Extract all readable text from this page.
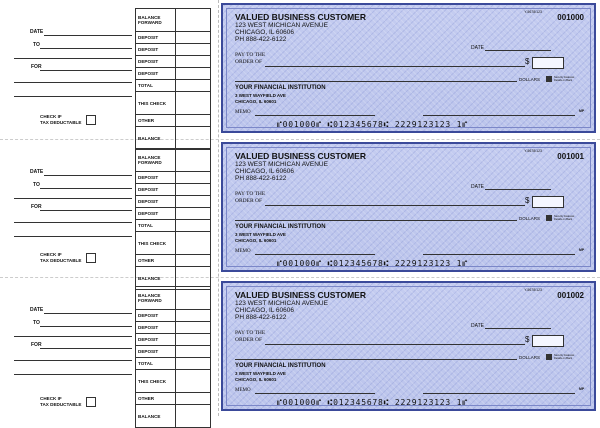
BALANCE FORWARD	
DEPOSIT	
DEPOSIT	
DEPOSIT	
DEPOSIT	
TOTAL	
THIS CHECK	
OTHER	
BALANCE	
DATE
TO
FOR
CHECK IF
TAX DEDUCTABLE
VALUED BUSINESS CUSTOMER
123 WEST MICHICAN AVENUE
CHICAGO, IL 60606
PH 888-422-6122
Y-5678/123
001000
DATE
PAY TO THE
ORDER OF	$
DOLLARS	Security Features
Details on Back
YOUR FINANCIAL INSTITUTION
3 WEST WAYFIELD AVE
CHICAGO, IL 60601
MEMO	MP
⑈001000⑈ ⑆012345678⑆ 2229123123 1⑈
BALANCE FORWARD	
DEPOSIT	
DEPOSIT	
DEPOSIT	
DEPOSIT	
TOTAL	
THIS CHECK	
OTHER	
BALANCE	
DATE
TO
FOR
CHECK IF
TAX DEDUCTABLE
VALUED BUSINESS CUSTOMER
123 WEST MICHICAN AVENUE
CHICAGO, IL 60606
PH 888-422-6122
Y-5678/123
001001
DATE
PAY TO THE
ORDER OF	$
DOLLARS	Security Features
Details on Back
YOUR FINANCIAL INSTITUTION
3 WEST WAYFIELD AVE
CHICAGO, IL 60601
MEMO	MP
⑈001000⑈ ⑆012345678⑆ 2229123123 1⑈
BALANCE FORWARD	
DEPOSIT	
DEPOSIT	
DEPOSIT	
DEPOSIT	
TOTAL	
THIS CHECK	
OTHER	
BALANCE	
DATE
TO
FOR
CHECK IF
TAX DEDUCTABLE
VALUED BUSINESS CUSTOMER
123 WEST MICHICAN AVENUE
CHICAGO, IL 60606
PH 888-422-6122
Y-5678/123
001002
DATE
PAY TO THE
ORDER OF	$
DOLLARS	Security Features
Details on Back
YOUR FINANCIAL INSTITUTION
3 WEST WAYFIELD AVE
CHICAGO, IL 60601
MEMO	MP
⑈001000⑈ ⑆012345678⑆ 2229123123 1⑈
